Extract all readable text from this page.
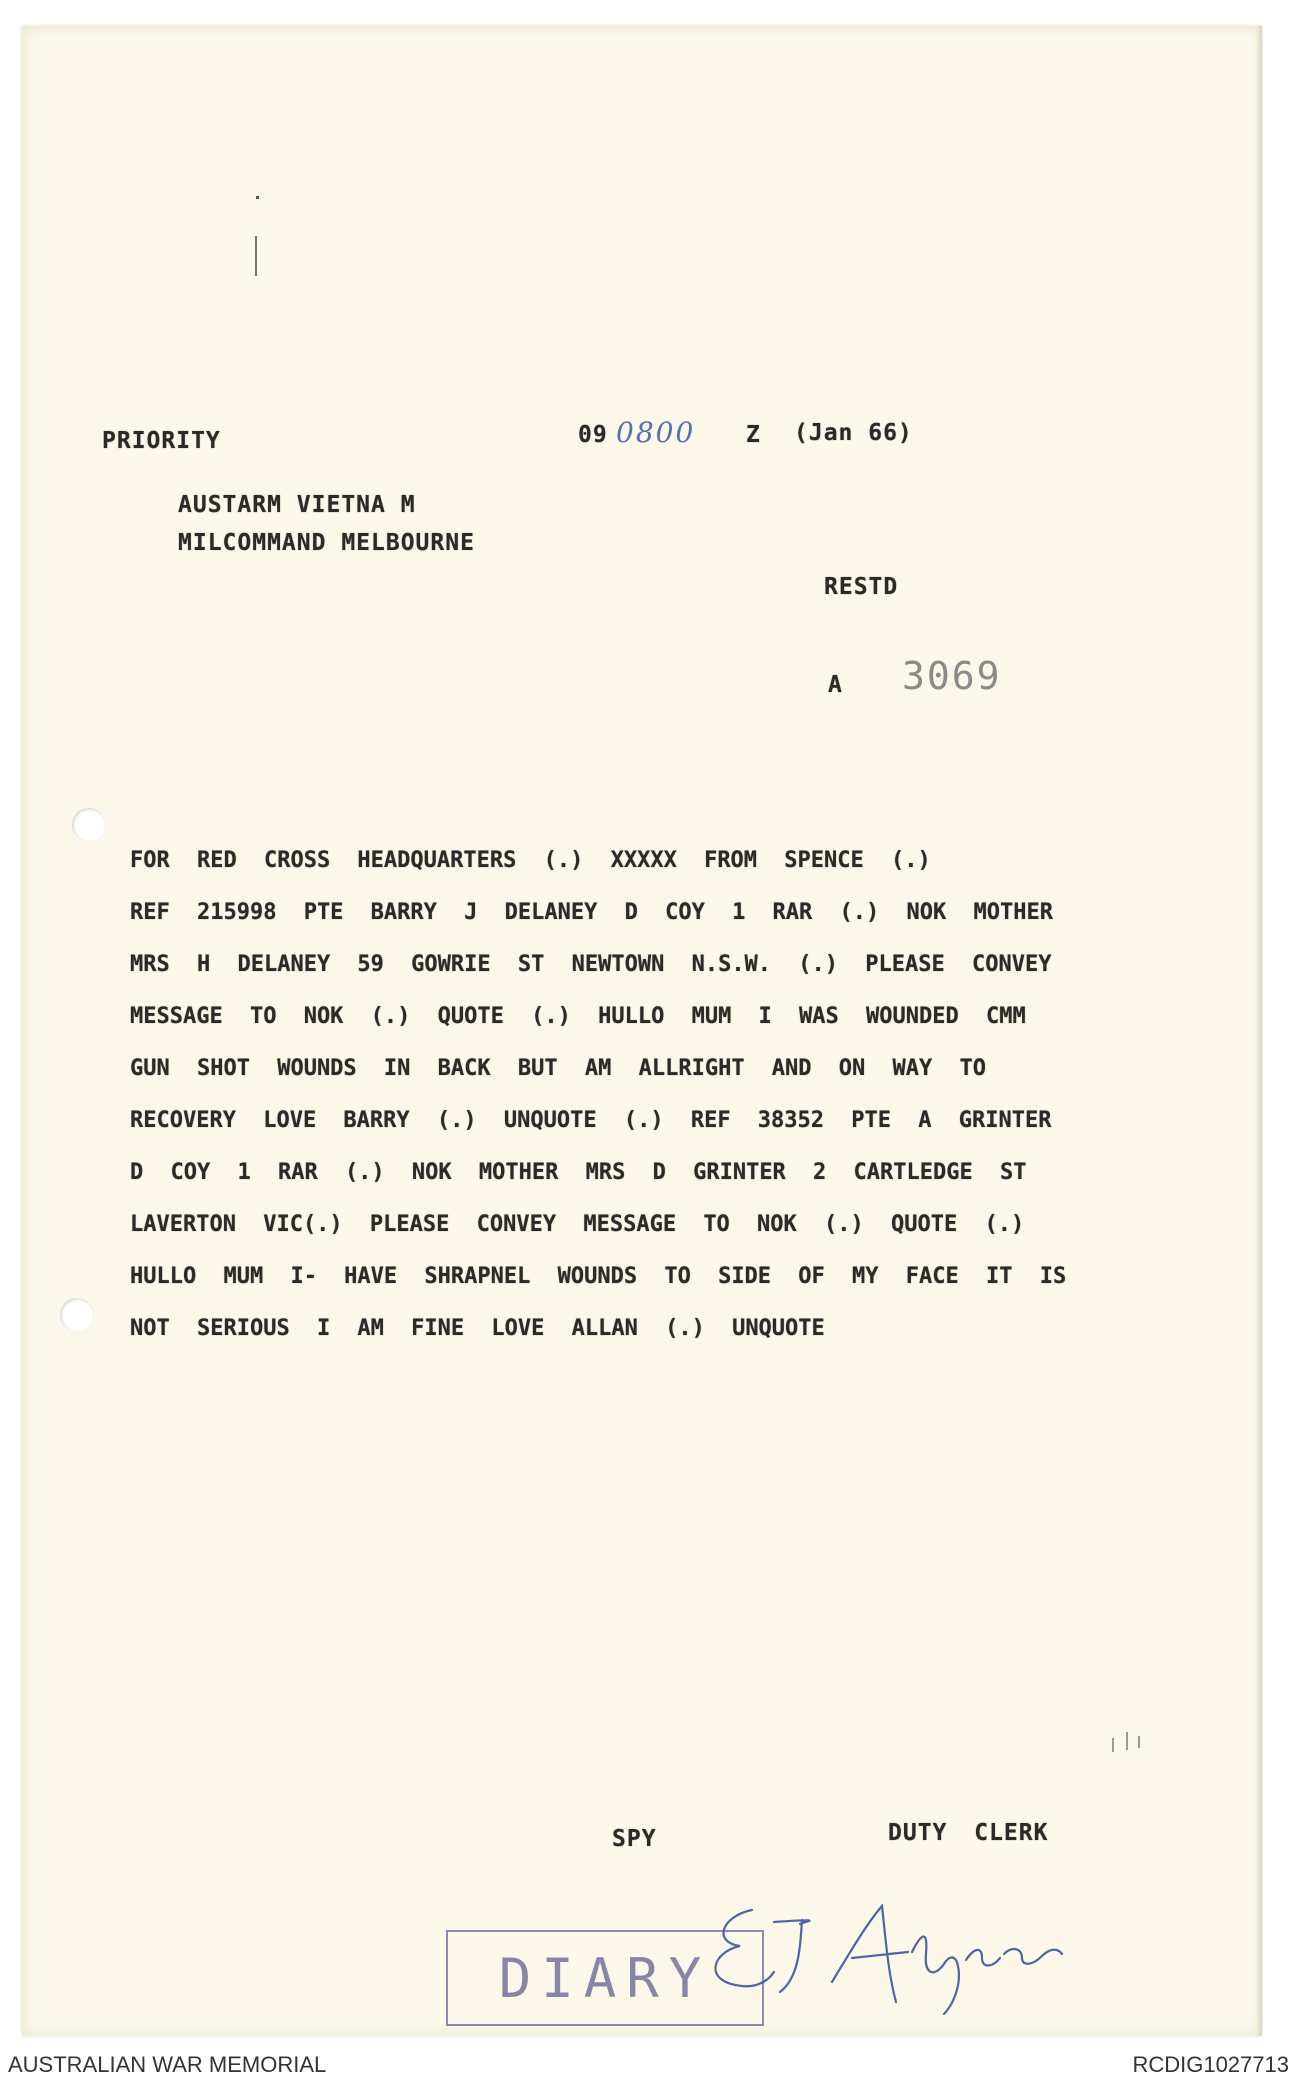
PRIORITY	09 0800 Z (Jan 66)
AUSTARM VIETNA M
MILCOMMAND MELBOURNE
RESTD
A 3069
FOR RED CROSS HEADQUARTERS (.) XXXXX FROM SPENCE (.)
REF 215998 PTE BARRY J DELANEY D COY 1 RAR (.) NOK MOTHER
MRS H DELANEY 59 GOWRIE ST NEWTOWN N.S.W. (.) PLEASE CONVEY
MESSAGE TO NOK (.) QUOTE (.) HULLO MUM I WAS WOUNDED CMM
GUN SHOT WOUNDS IN BACK BUT AM ALLRIGHT AND ON WAY TO
RECOVERY LOVE BARRY (.) UNQUOTE (.) REF 38352 PTE A GRINTER
D COY 1 RAR (.) NOK MOTHER MRS D GRINTER 2 CARTLEDGE ST
LAVERTON VIC(.) PLEASE CONVEY MESSAGE TO NOK (.) QUOTE (.)
HULLO MUM I- HAVE SHRAPNEL WOUNDS TO SIDE OF MY FACE IT IS
NOT SERIOUS I AM FINE LOVE ALLAN (.) UNQUOTE
SPY	DUTY CLERK
DIARY
AUSTRALIAN WAR MEMORIAL	RCDIG1027713
